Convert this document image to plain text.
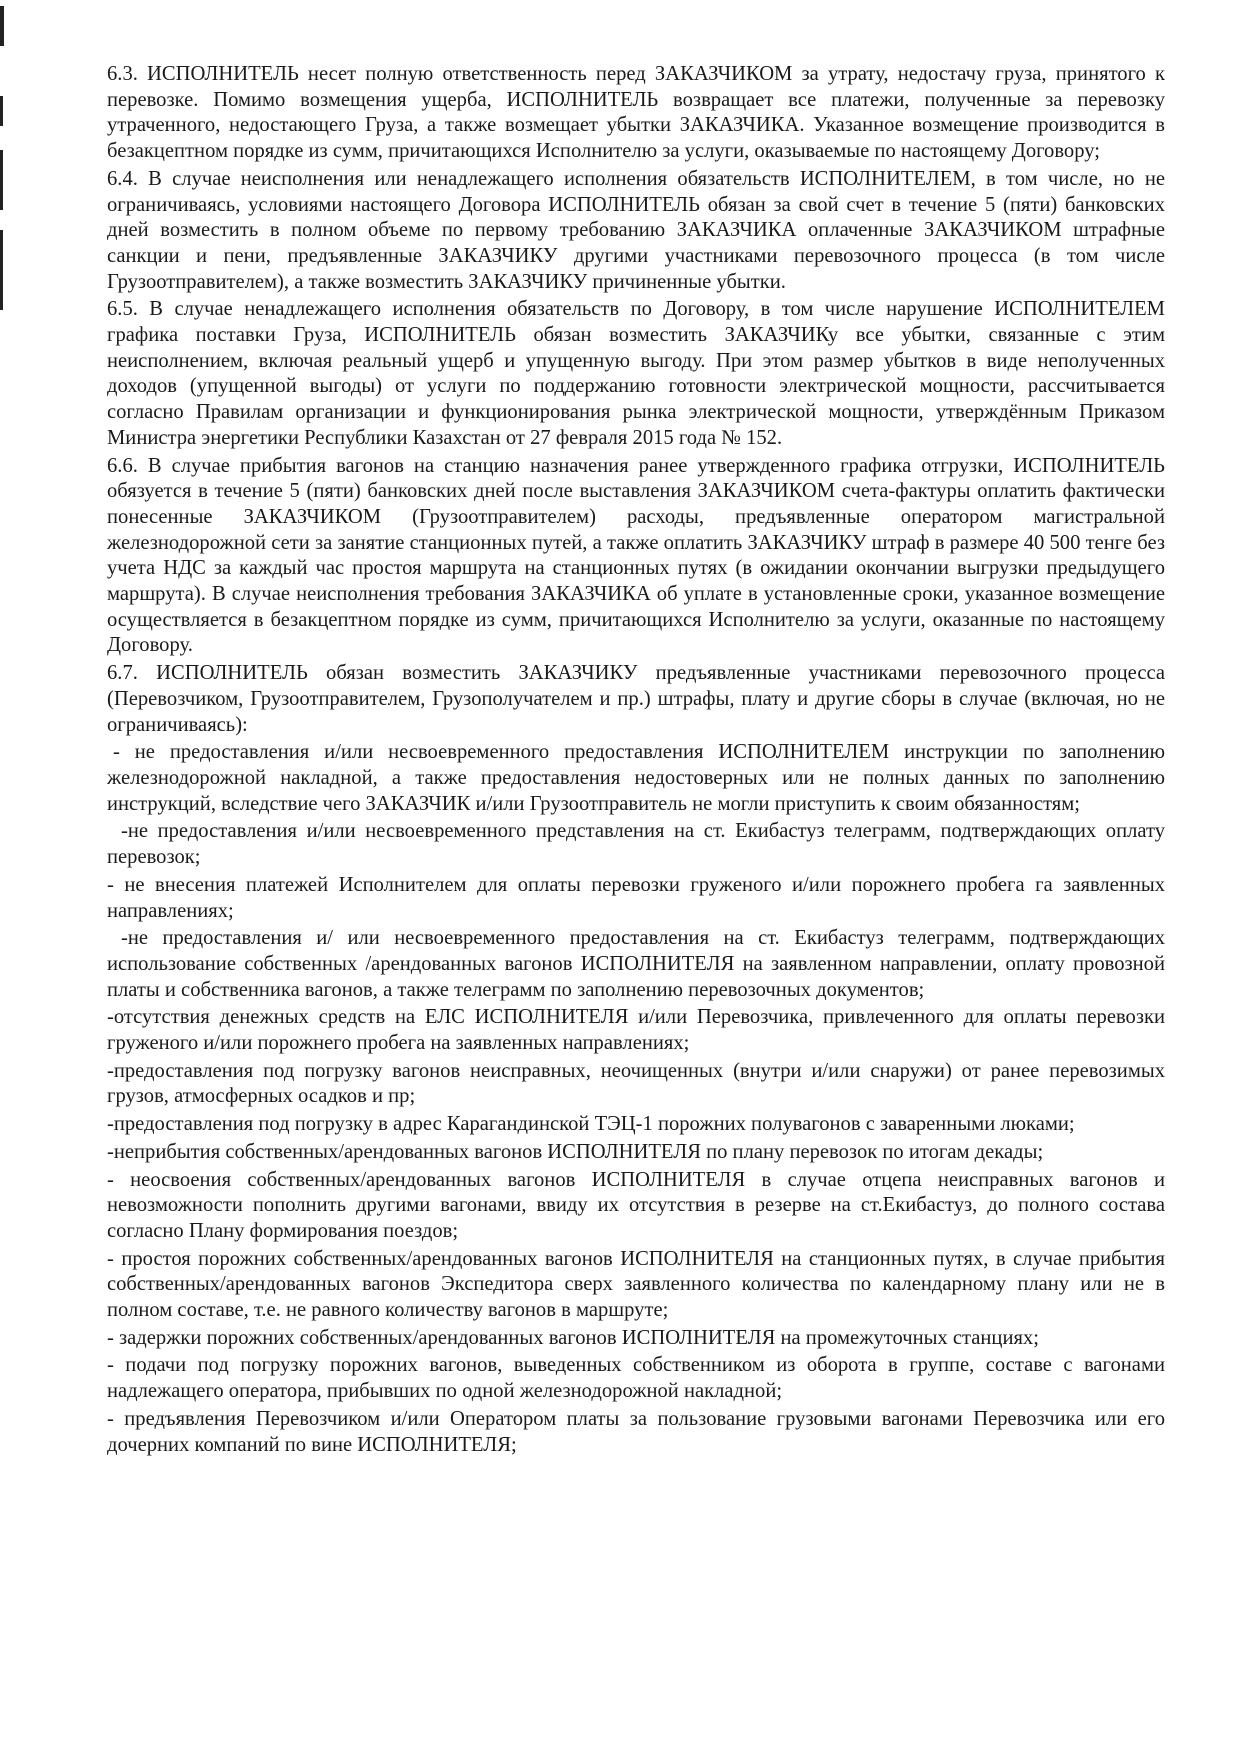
6.3. ИСПОЛНИТЕЛЬ несет полную ответственность перед ЗАКАЗЧИКОМ за утрату, недостачу груза, принятого к перевозке. Помимо возмещения ущерба, ИСПОЛНИТЕЛЬ возвращает все платежи, полученные за перевозку утраченного, недостающего Груза, а также возмещает убытки ЗАКАЗЧИКА. Указанное возмещение производится в безакцептном порядке из сумм, причитающихся Исполнителю за услуги, оказываемые по настоящему Договору;

6.4. В случае неисполнения или ненадлежащего исполнения обязательств ИСПОЛНИТЕЛЕМ, в том числе, но не ограничиваясь, условиями настоящего Договора ИСПОЛНИТЕЛЬ обязан за свой счет в течение 5 (пяти) банковских дней возместить в полном объеме по первому требованию ЗАКАЗЧИКА оплаченные ЗАКАЗЧИКОМ штрафные санкции и пени, предъявленные ЗАКАЗЧИКУ другими участниками перевозочного процесса (в том числе Грузоотправителем), а также возместить ЗАКАЗЧИКУ причиненные убытки.

6.5. В случае ненадлежащего исполнения обязательств по Договору, в том числе нарушение ИСПОЛНИТЕЛЕМ графика поставки Груза, ИСПОЛНИТЕЛЬ обязан возместить ЗАКАЗЧИКу все убытки, связанные с этим неисполнением, включая реальный ущерб и упущенную выгоду. При этом размер убытков в виде неполученных доходов (упущенной выгоды) от услуги по поддержанию готовности электрической мощности, рассчитывается согласно Правилам организации и функционирования рынка электрической мощности, утверждённым Приказом Министра энергетики Республики Казахстан от 27 февраля 2015 года № 152.

6.6. В случае прибытия вагонов на станцию назначения ранее утвержденного графика отгрузки, ИСПОЛНИТЕЛЬ обязуется в течение 5 (пяти) банковских дней после выставления ЗАКАЗЧИКОМ счета-фактуры оплатить фактически понесенные ЗАКАЗЧИКОМ (Грузоотправителем) расходы, предъявленные оператором магистральной железнодорожной сети за занятие станционных путей, а также оплатить ЗАКАЗЧИКУ штраф в размере 40 500 тенге без учета НДС за каждый час простоя маршрута на станционных путях (в ожидании окончании выгрузки предыдущего маршрута). В случае неисполнения требования ЗАКАЗЧИКА об уплате в установленные сроки, указанное возмещение осуществляется в безакцептном порядке из сумм, причитающихся Исполнителю за услуги, оказанные по настоящему Договору.

6.7. ИСПОЛНИТЕЛЬ обязан возместить ЗАКАЗЧИКУ предъявленные участниками перевозочного процесса (Перевозчиком, Грузоотправителем, Грузополучателем и пр.) штрафы, плату и другие сборы в случае (включая, но не ограничиваясь):

- не предоставления и/или несвоевременного предоставления ИСПОЛНИТЕЛЕМ инструкции по заполнению железнодорожной накладной, а также предоставления недостоверных или не полных данных по заполнению инструкций, вследствие чего ЗАКАЗЧИК и/или Грузоотправитель не могли приступить к своим обязанностям;

-не предоставления и/или несвоевременного представления на ст. Екибастуз телеграмм, подтверждающих оплату перевозок;

- не внесения платежей Исполнителем для оплаты перевозки груженого и/или порожнего пробега га заявленных направлениях;

-не предоставления и/ или несвоевременного предоставления на ст. Екибастуз телеграмм, подтверждающих использование собственных /арендованных вагонов ИСПОЛНИТЕЛЯ на заявленном направлении, оплату провозной платы и собственника вагонов, а также телеграмм по заполнению перевозочных документов;

-отсутствия денежных средств на ЕЛС ИСПОЛНИТЕЛЯ и/или Перевозчика, привлеченного для оплаты перевозки груженого и/или порожнего пробега на заявленных направлениях;

-предоставления под погрузку вагонов неисправных, неочищенных (внутри и/или снаружи) от ранее перевозимых грузов, атмосферных осадков и пр;

-предоставления под погрузку в адрес Карагандинской ТЭЦ-1 порожних полувагонов с заваренными люками;

-неприбытия собственных/арендованных вагонов ИСПОЛНИТЕЛЯ по плану перевозок по итогам декады;

- неосвоения собственных/арендованных вагонов ИСПОЛНИТЕЛЯ в случае отцепа неисправных вагонов и невозможности пополнить другими вагонами, ввиду их отсутствия в резерве на ст.Екибастуз, до полного состава согласно Плану формирования поездов;

- простоя порожних собственных/арендованных вагонов ИСПОЛНИТЕЛЯ на станционных путях, в случае прибытия собственных/арендованных вагонов Экспедитора сверх заявленного количества по календарному плану или не в полном составе, т.е. не равного количеству вагонов в маршруте;

- задержки порожних собственных/арендованных вагонов ИСПОЛНИТЕЛЯ на промежуточных станциях;

- подачи под погрузку порожних вагонов, выведенных собственником из оборота в группе, составе с вагонами надлежащего оператора, прибывших по одной железнодорожной накладной;

- предъявления Перевозчиком и/или Оператором платы за пользование грузовыми вагонами Перевозчика или его дочерних компаний по вине ИСПОЛНИТЕЛЯ;
